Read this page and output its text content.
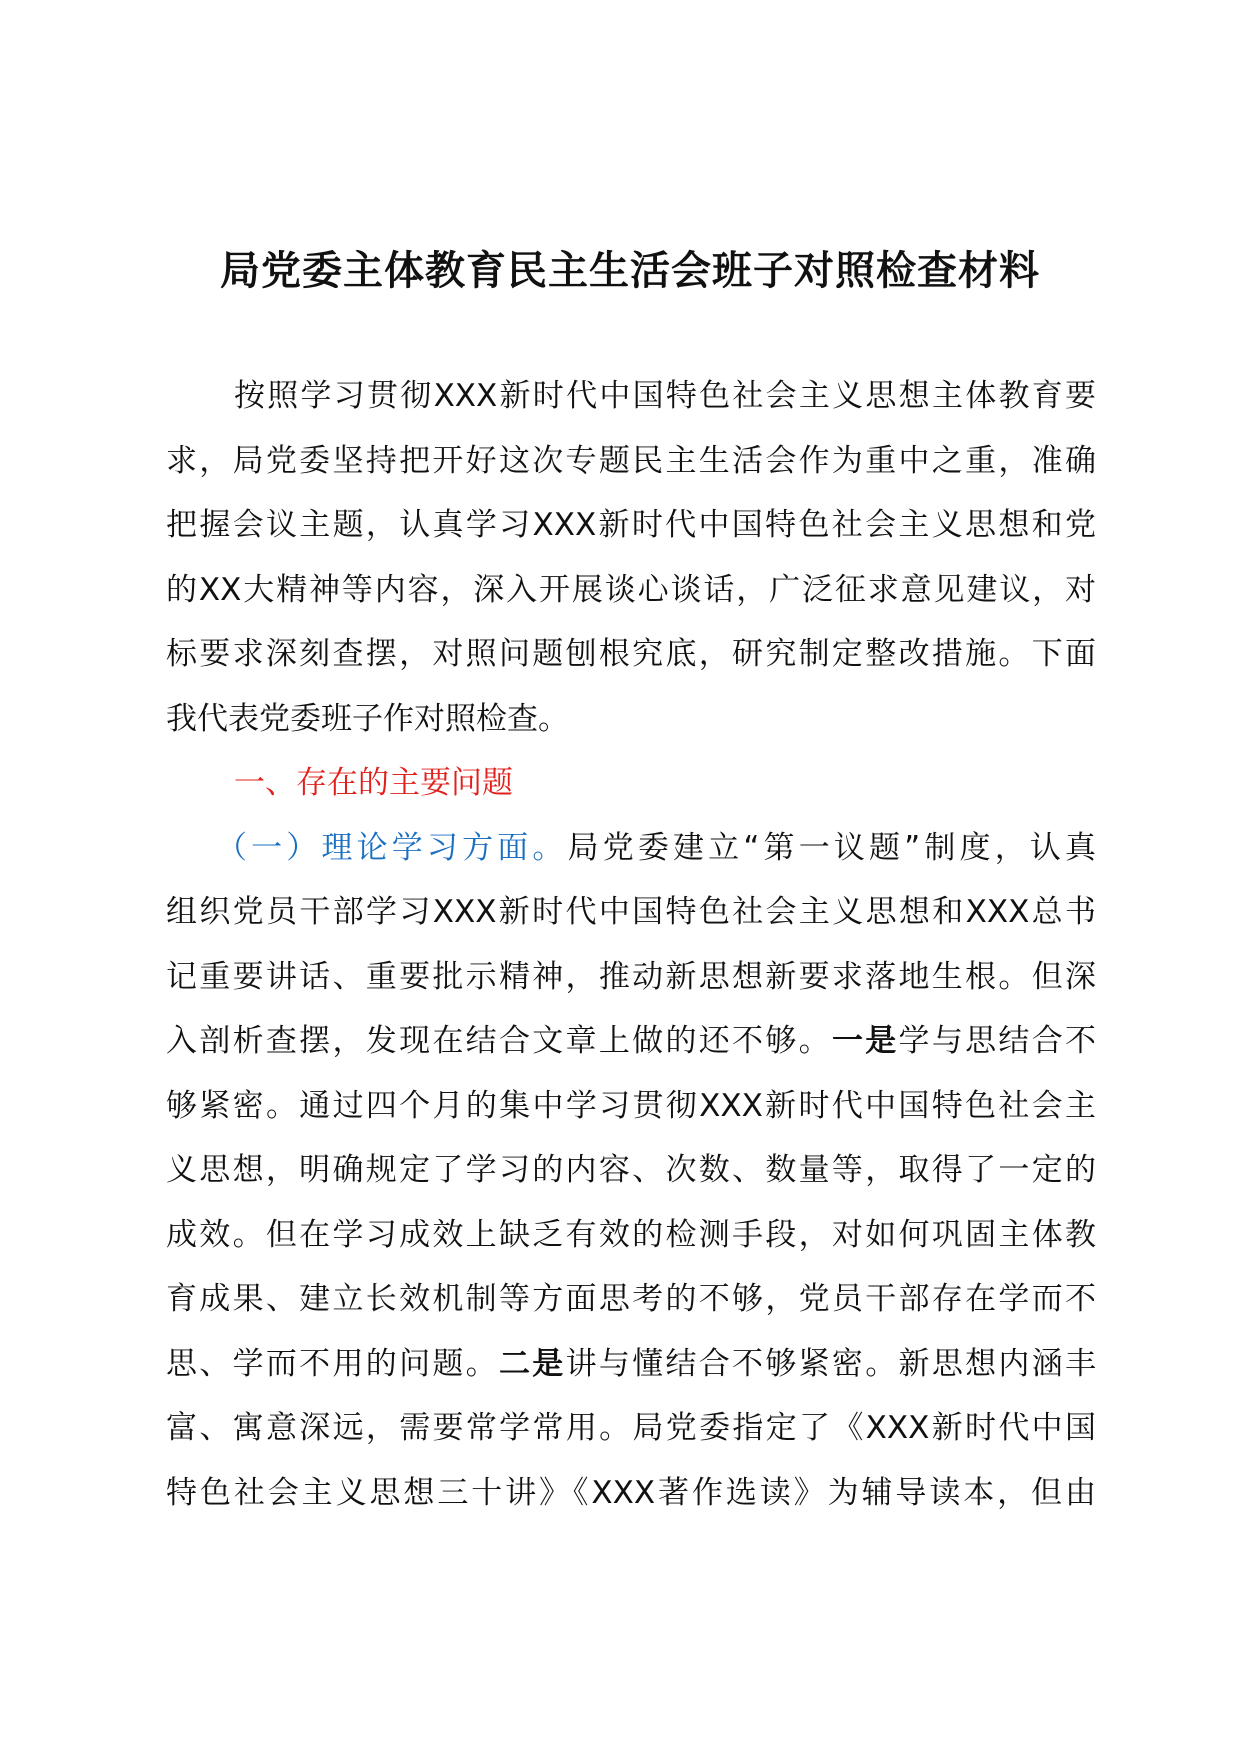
局党委主体教育民主生活会班子对照检查材料
按照学习贯彻XXX新时代中国特色社会主义思想主体教育要
求，局党委坚持把开好这次专题民主生活会作为重中之重，准确
把握会议主题，认真学习XXX新时代中国特色社会主义思想和党
的XX大精神等内容，深入开展谈心谈话，广泛征求意见建议，对
标要求深刻查摆，对照问题刨根究底，研究制定整改措施。下面
我代表党委班子作对照检查。
一、存在的主要问题
（一）理论学习方面。局党委建立“第一议题”制度，认真
组织党员干部学习XXX新时代中国特色社会主义思想和XXX总书
记重要讲话、重要批示精神，推动新思想新要求落地生根。但深
入剖析查摆，发现在结合文章上做的还不够。一是学与思结合不
够紧密。通过四个月的集中学习贯彻XXX新时代中国特色社会主
义思想，明确规定了学习的内容、次数、数量等，取得了一定的
成效。但在学习成效上缺乏有效的检测手段，对如何巩固主体教
育成果、建立长效机制等方面思考的不够，党员干部存在学而不
思、学而不用的问题。二是讲与懂结合不够紧密。新思想内涵丰
富、寓意深远，需要常学常用。局党委指定了《XXX新时代中国
特色社会主义思想三十讲》《XXX著作选读》为辅导读本，但由
